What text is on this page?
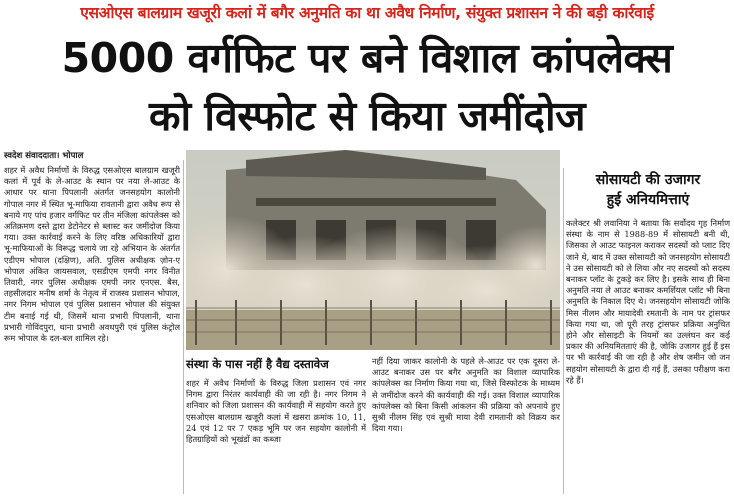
एसओएस बालग्राम खजूरी कलां में बगैर अनुमति का था अवैध निर्माण, संयुक्त प्रशासन ने की बड़ी कार्रवाई
5000 वर्गफिट पर बने विशाल कांपलेक्स
को विस्फोट से किया जमींदोज
स्वदेश संवाददाता। भोपाल

शहर में अवैध निर्माणों के विरुद्ध एसओएस बालग्राम खजूरी कलां में पूर्व के ले-आउट के स्थान पर नया ले-आउट के आधार पर थाना पिपलानी अंतर्गत जनसहयोग कालोनी गोपाल नगर में स्थित भू-माफिया रावतानी द्वारा अवैध रूप से बनाये गए पांच हजार वर्गफिट पर तीन मंजिला कांपलेक्स को अतिक्रमण दस्ते द्वारा डेटोनेटर से ब्लास्ट कर जमींदोज किया गया। उक्त कार्रवाई करने के लिए वरिष्ठ अधिकारियों द्वारा भू-माफियाओं के विरूद्ध चलाये जा रहे अभियान के अंतर्गत एडीएम भोपाल (दक्षिण), अति. पुलिस अधीक्षक ज़ोन-ए भोपाल अंकित जायसवाल, एसडीएम एमपी नगर विनीत तिवारी, नगर पुलिस अधीक्षक एमपी नगर एनएस. बैस, तहसीलदार मनीष शर्मा के नेतृत्व में राजस्व प्रशासन भोपाल, नगर निगम भोपाल एवं पुलिस प्रशासन भोपाल की संयुक्त टीम बनाई गई थी, जिसमें थाना प्रभारी पिपलानी, थाना प्रभारी गोविंदपुरा, थाना प्रभारी अवधपुरी एवं पुलिस कंट्रोल रूम भोपाल के दल-बल शामिल रहे।

संस्था के पास नहीं है वैद्य दस्तावेज

शहर में अवैध निर्माणों के विरुद्ध जिला प्रशासन एवं नगर निगम द्वारा निरंतर कार्यवाही की जा रही है। नगर निगम ने शनिवार को जिला प्रशासन की कार्यवाही में सहयोग करते हुए एसओएस बालग्राम खजूरी कलां में खसरा क्रमांक 10, 11, 24 एवं 12 पर 7 एकड़ भूमि पर जन सहयोग कालोनी में हितग्राहियों को भूखंडों का कब्जा

नहीं दिया जाकर कालोनी के पहले ले-आउट पर एक दूसरा ले-आउट बनाकर उस पर बगैर अनुमति का विशाल व्यापारिक कांपलेक्स का निर्माण किया गया था, जिसे विस्फोटक के माध्यम से जमींदोज करने की कार्यवाही की गई। उक्त विशाल व्यापारिक कांपलेक्स को बिना किसी आंकलन की प्रक्रिया को अपनाये हुए सुश्री नीलम सिंह एवं सुश्री माया देवी रामतानी को विक्रय कर दिया गया।

सोसायटी की उजागर
हुई अनियमित्ताएं

कलेक्टर श्री लवानिया ने बताया कि सर्वोदय गृह निर्माण संस्था के नाम से 1988-89 में सोसायटी बनी थी, जिसका ले आउट फाइनल कराकर सदस्यों को प्लाट दिए जाने थे, बाद में उक्त सोसायटी को जनसहयोग सोसायटी ने उस सोसायटी को ले लिया और नए सदस्यों को सदस्य बनाकर प्लॉट के टुकड़े कर लिए है। इसके साथ ही बिना अनुमति नया ले आउट बनाकर कमर्शियल प्लॉट भी बिना अनुमति के निकाल दिए थे। जनसहयोग सोसायटी जोकि मिस नीलम और मायादेवी रमतानी के नाम पर ट्रांसफर किया गया था, जो पूरी तरह ट्रांसफर प्रक्रिया अनुचित होने और सोसाइटी के नियमों का उल्लंघन कर कई प्रकार की अनियमितताएं की है, जोकि उजागर हुई हैं इस पर भी कार्रवाई की जा रही है और शेष जमीन जो जन सहयोग सोसायटी के द्वारा दी गई हैं, उसका परीक्षण करा रहे हैं।
